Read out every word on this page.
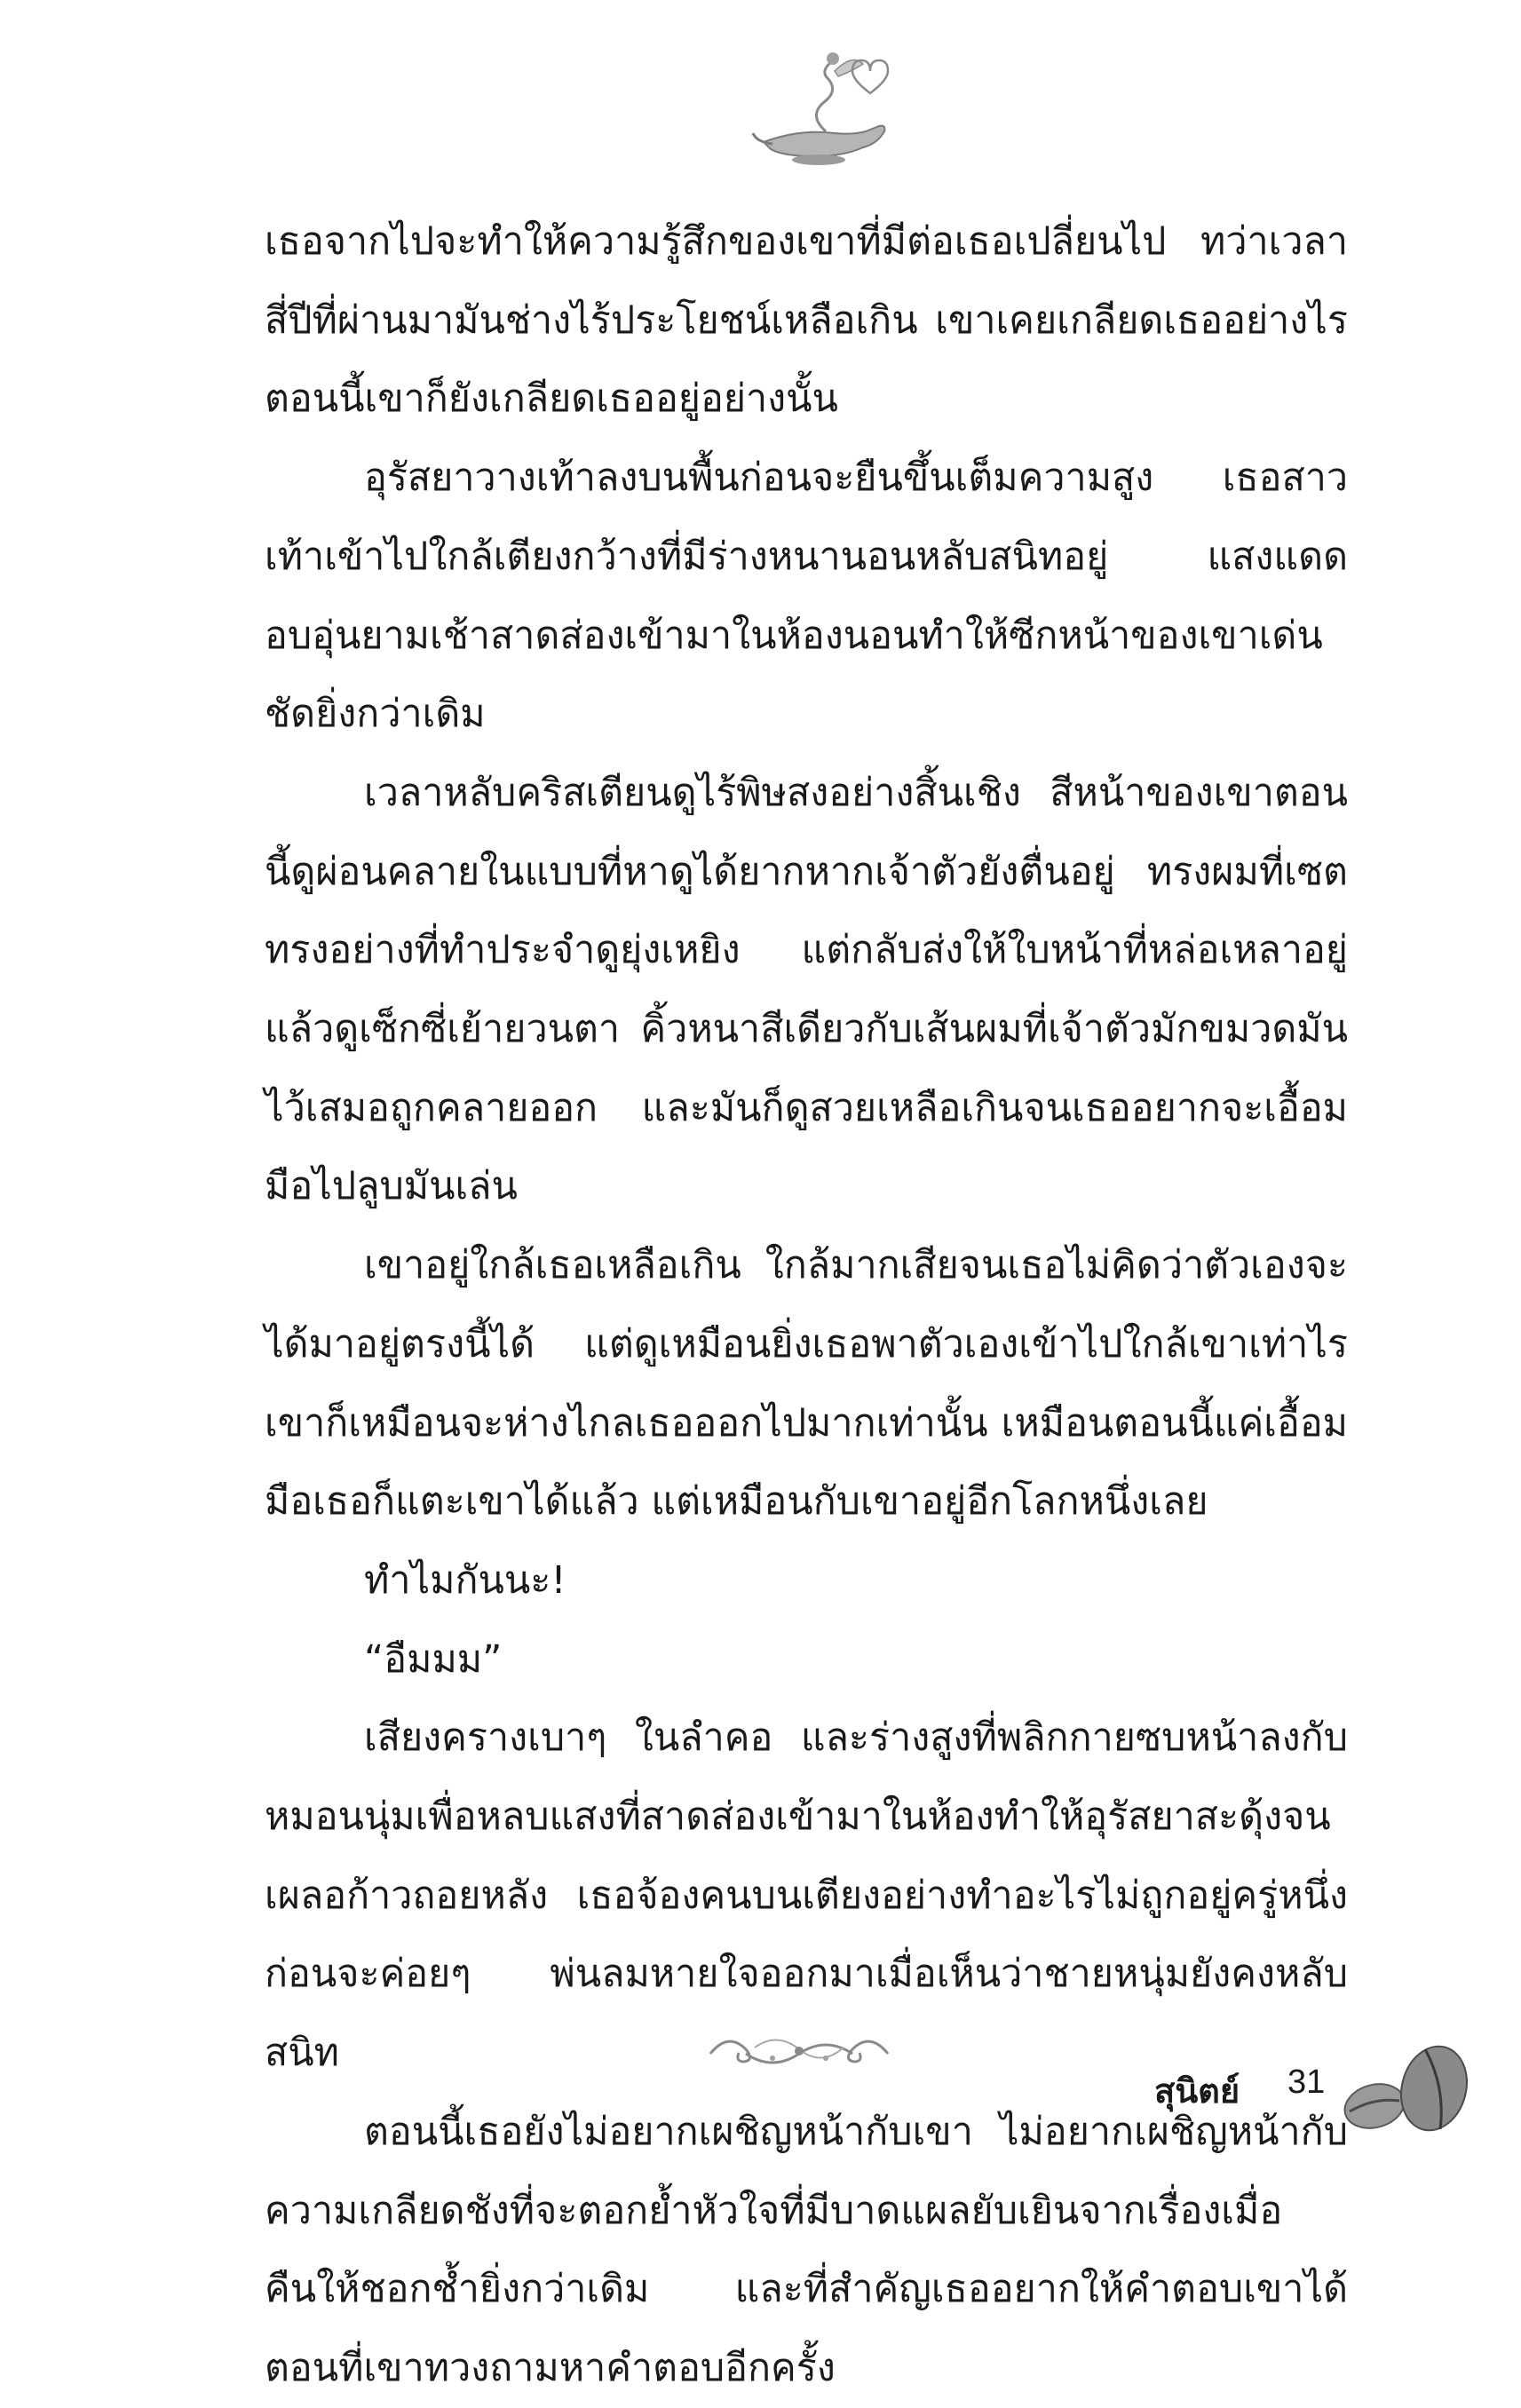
เธอจากไปจะทำให้ความรู้สึกของเขาที่มีต่อเธอเปลี่ยนไป ทว่าเวลาสี่ปีที่ผ่านมามันช่างไร้ประโยชน์เหลือเกิน เขาเคยเกลียดเธออย่างไร ตอนนี้เขาก็ยังเกลียดเธออยู่อย่างนั้น

อุรัสยาวางเท้าลงบนพื้นก่อนจะยืนขึ้นเต็มความสูง เธอสาวเท้าเข้าไปใกล้เตียงกว้างที่มีร่างหนานอนหลับสนิทอยู่ แสงแดดอบอุ่นยามเช้าสาดส่องเข้ามาในห้องนอนทำให้ซีกหน้าของเขาเด่นชัดยิ่งกว่าเดิม

เวลาหลับคริสเตียนดูไร้พิษสงอย่างสิ้นเชิง สีหน้าของเขาตอนนี้ดูผ่อนคลายในแบบที่หาดูได้ยากหากเจ้าตัวยังตื่นอยู่ ทรงผมที่เซตทรงอย่างที่ทำประจำดูยุ่งเหยิง แต่กลับส่งให้ใบหน้าที่หล่อเหลาอยู่แล้วดูเซ็กซี่เย้ายวนตา คิ้วหนาสีเดียวกับเส้นผมที่เจ้าตัวมักขมวดมันไว้เสมอถูกคลายออก และมันก็ดูสวยเหลือเกินจนเธออยากจะเอื้อมมือไปลูบมันเล่น

เขาอยู่ใกล้เธอเหลือเกิน ใกล้มากเสียจนเธอไม่คิดว่าตัวเองจะได้มาอยู่ตรงนี้ได้ แต่ดูเหมือนยิ่งเธอพาตัวเองเข้าไปใกล้เขาเท่าไร เขาก็เหมือนจะห่างไกลเธอออกไปมากเท่านั้น เหมือนตอนนี้แค่เอื้อมมือเธอก็แตะเขาได้แล้ว แต่เหมือนกับเขาอยู่อีกโลกหนึ่งเลย

ทำไมกันนะ!

“อืมมม”

เสียงครางเบาๆ ในลำคอ และร่างสูงที่พลิกกายซบหน้าลงกับหมอนนุ่มเพื่อหลบแสงที่สาดส่องเข้ามาในห้องทำให้อุรัสยาสะดุ้งจนเผลอก้าวถอยหลัง เธอจ้องคนบนเตียงอย่างทำอะไรไม่ถูกอยู่ครู่หนึ่ง ก่อนจะค่อยๆ พ่นลมหายใจออกมาเมื่อเห็นว่าชายหนุ่มยังคงหลับสนิท

ตอนนี้เธอยังไม่อยากเผชิญหน้ากับเขา ไม่อยากเผชิญหน้ากับความเกลียดชังที่จะตอกย้ำหัวใจที่มีบาดแผลยับเยินจากเรื่องเมื่อคืนให้ชอกช้ำยิ่งกว่าเดิม และที่สำคัญเธออยากให้คำตอบเขาได้ตอนที่เขาทวงถามหาคำตอบอีกครั้ง

สุนิตย์ 31
